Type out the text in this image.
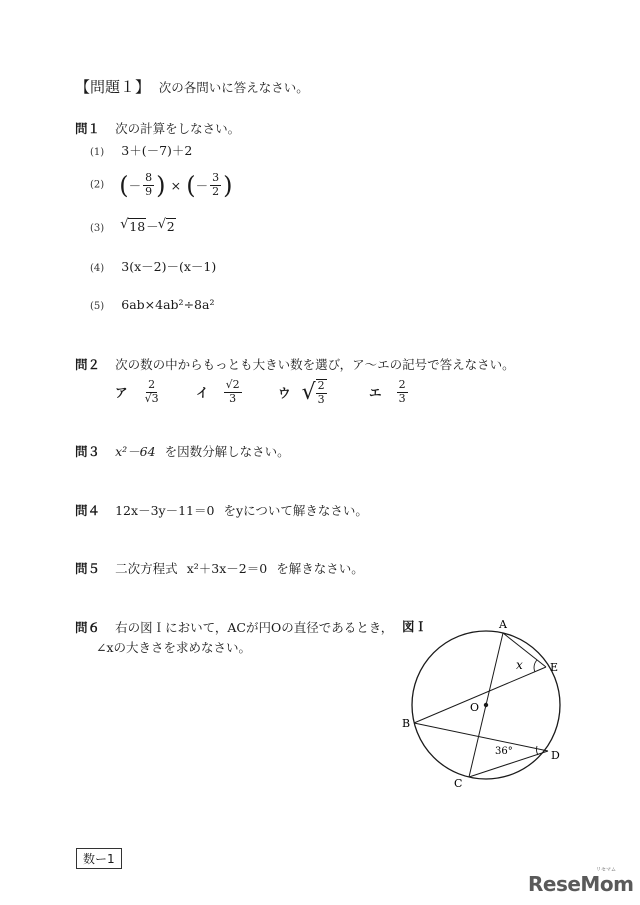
【問題１】 次の各問いに答えなさい。
問１ 次の計算をしなさい。
(1) 3＋(－7)＋2
(2) (－ $\frac{8}{9}$ ) × (－ $\frac{3}{2}$ )
(3) √ 18－ √ 2
(4) 3(x－2)－(x－1)
(5) 6ab×4ab²÷8a²
問２ 次の数の中からもっとも大きい数を選び，ア～エの記号で答えなさい。
ア $\frac{2}{√3}$	イ $\frac{√2}{3}$	ウ √ $\frac{2}{3}$	エ $\frac{2}{3}$
問３ x²－64 を因数分解しなさい。
問４ 12x－3y－11＝0 をyについて解きなさい。
問５ 二次方程式 x²＋3x－2＝0 を解きなさい。
問６ 右の図Ｉにおいて，ACが円Oの直径であるとき，
∠xの大きさを求めなさい。
図Ｉ	A
E
B
D
C
O
x
36°
数ー1
ReseMom
リセマム
